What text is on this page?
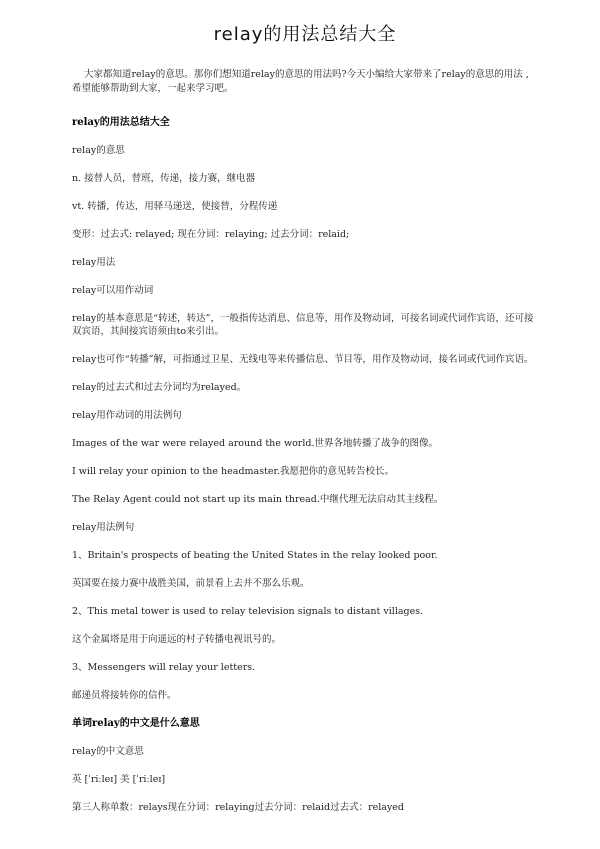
relay的用法总结大全

大家都知道relay的意思。那你们想知道relay的意思的用法吗?今天小编给大家带来了relay的意思的用法 ,希望能够帮助到大家，一起来学习吧。

relay的用法总结大全

relay的意思

n. 接替人员，替班，传递，接力赛，继电器

vt. 转播，传达，用驿马递送，使接替，分程传递

变形：过去式: relayed; 现在分词：relaying; 过去分词：relaid;

relay用法

relay可以用作动词

relay的基本意思是“转述，转达”，一般指传达消息、信息等，用作及物动词，可接名词或代词作宾语，还可接双宾语，其间接宾语须由to来引出。

relay也可作“转播”解，可指通过卫星、无线电等来传播信息、节目等，用作及物动词，接名词或代词作宾语。

relay的过去式和过去分词均为relayed。

relay用作动词的用法例句

Images of the war were relayed around the world.世界各地转播了战争的图像。

I will relay your opinion to the headmaster.我愿把你的意见转告校长。

The Relay Agent could not start up its main thread.中继代理无法启动其主线程。

relay用法例句

1、Britain's prospects of beating the United States in the relay looked poor.

英国要在接力赛中战胜美国，前景看上去并不那么乐观。

2、This metal tower is used to relay television signals to distant villages.

这个金属塔是用于向遥远的村子转播电视讯号的。

3、Messengers will relay your letters.

邮递员将接转你的信件。

单词relay的中文是什么意思

relay的中文意思

英 [ˈriːleɪ] 美 [ˈriːleɪ]

第三人称单数：relays现在分词：relaying过去分词：relaid过去式：relayed
